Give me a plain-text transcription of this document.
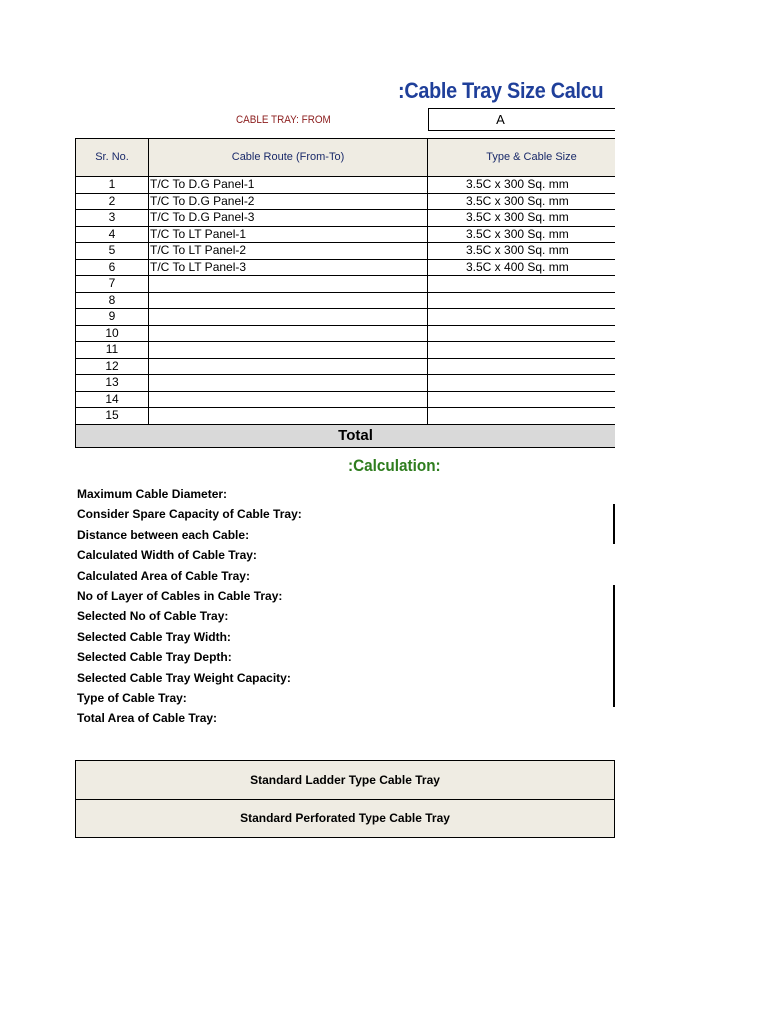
:Cable Tray Size Calcu
CABLE TRAY: FROM	A
Sr. No.	Cable Route (From-To)	Type & Cable Size
1	T/C To D.G Panel-1	3.5C x 300 Sq. mm
2	T/C To D.G Panel-2	3.5C x 300 Sq. mm
3	T/C To D.G Panel-3	3.5C x 300 Sq. mm
4	T/C To LT Panel-1	3.5C x 300 Sq. mm
5	T/C To LT Panel-2	3.5C x 300 Sq. mm
6	T/C To LT Panel-3	3.5C x 400 Sq. mm
7		
8		
9		
10		
11		
12		
13		
14		
15		
Total		
:Calculation:
Maximum Cable Diameter:
Consider Spare Capacity of Cable Tray:
Distance between each Cable:
Calculated Width of Cable Tray:
Calculated Area of Cable Tray:
No of Layer of Cables in Cable Tray:
Selected No of Cable Tray:
Selected Cable Tray Width:
Selected Cable Tray Depth:
Selected Cable Tray Weight Capacity:
Type of Cable Tray:
Total Area of Cable Tray:
Standard Ladder Type Cable Tray
Standard Perforated Type Cable Tray
